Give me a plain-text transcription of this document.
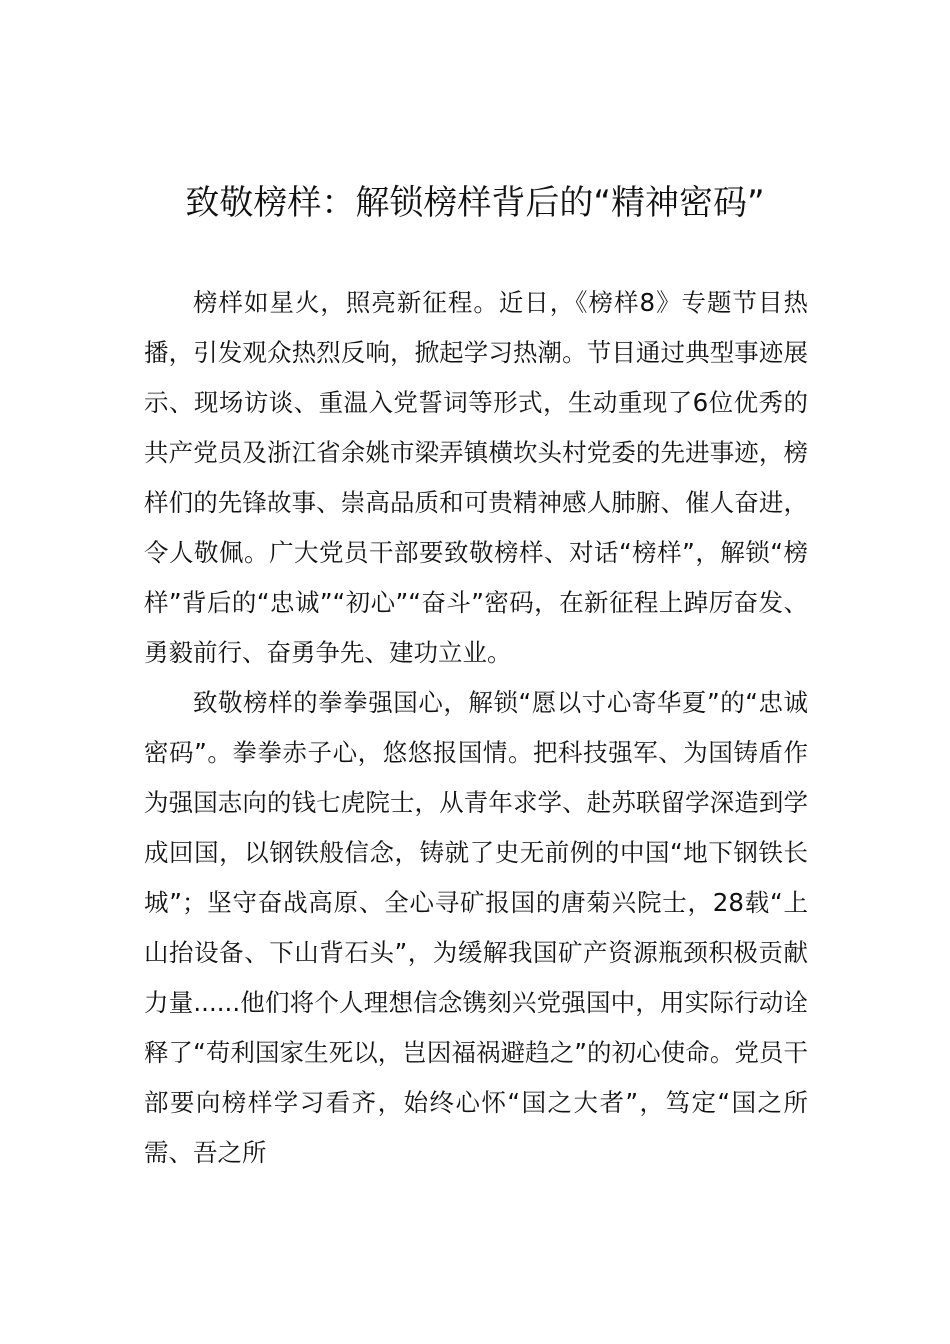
致敬榜样：解锁榜样背后的“精神密码”

榜样如星火，照亮新征程。近日，《榜样8》专题节目热播，引发观众热烈反响，掀起学习热潮。节目通过典型事迹展示、现场访谈、重温入党誓词等形式，生动重现了6位优秀的共产党员及浙江省余姚市梁弄镇横坎头村党委的先进事迹，榜样们的先锋故事、崇高品质和可贵精神感人肺腑、催人奋进，令人敬佩。广大党员干部要致敬榜样、对话“榜样”，解锁“榜样”背后的“忠诚”“初心”“奋斗”密码，在新征程上踔厉奋发、勇毅前行、奋勇争先、建功立业。

致敬榜样的拳拳强国心，解锁“愿以寸心寄华夏”的“忠诚密码”。拳拳赤子心，悠悠报国情。把科技强军、为国铸盾作为强国志向的钱七虎院士，从青年求学、赴苏联留学深造到学成回国，以钢铁般信念，铸就了史无前例的中国“地下钢铁长城”；坚守奋战高原、全心寻矿报国的唐菊兴院士，28载“上山抬设备、下山背石头”，为缓解我国矿产资源瓶颈积极贡献力量......他们将个人理想信念镌刻兴党强国中，用实际行动诠释了“苟利国家生死以，岂因福祸避趋之”的初心使命。党员干部要向榜样学习看齐，始终心怀“国之大者”，笃定“国之所需、吾之所
